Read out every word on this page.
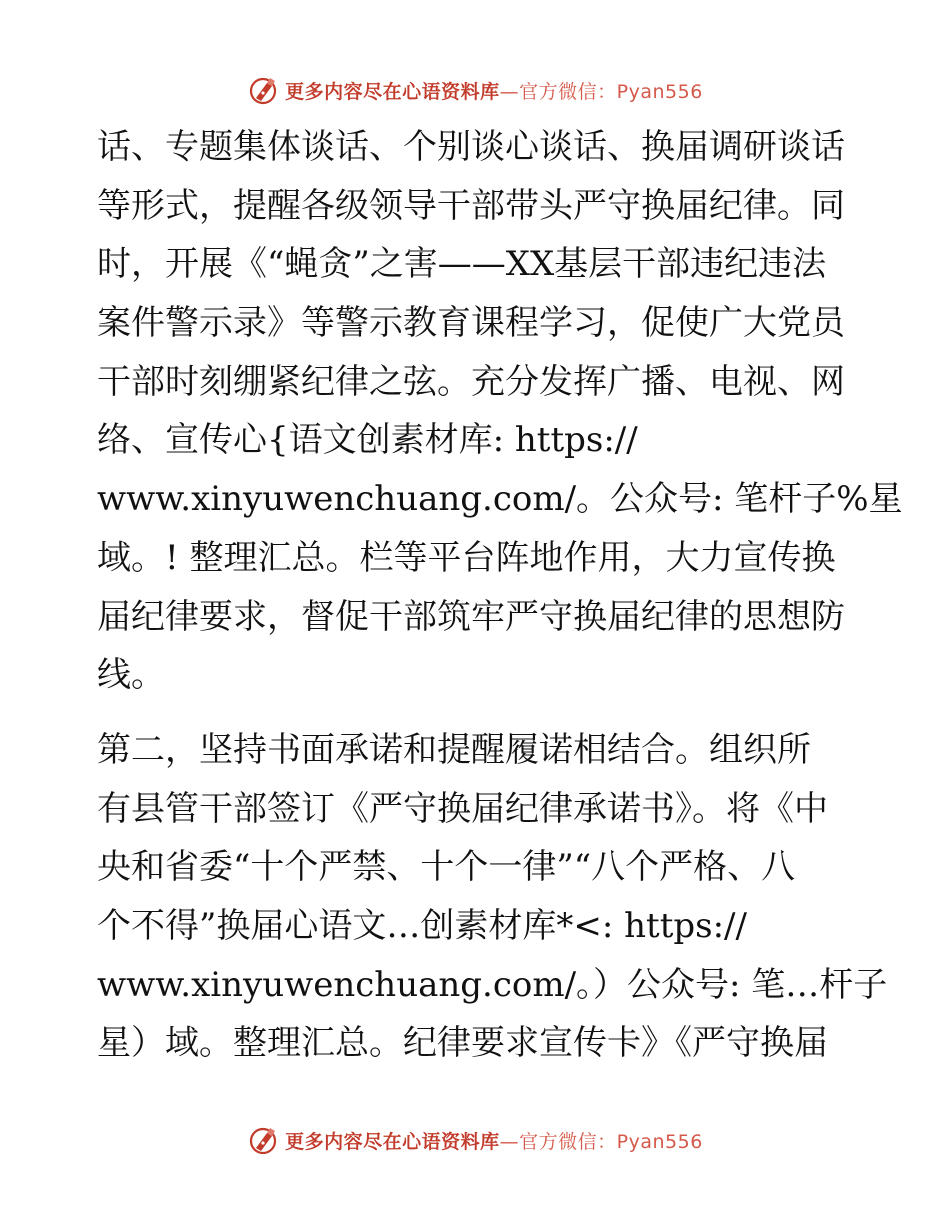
更多内容尽在心语资料库—官方微信：Pyan556
话、专题集体谈话、个别谈心谈话、换届调研谈话
等形式，提醒各级领导干部带头严守换届纪律。同
时，开展《“蝇贪”之害——XX基层干部违纪违法
案件警示录》等警示教育课程学习，促使广大党员
干部时刻绷紧纪律之弦。充分发挥广播、电视、网
络、宣传心{语文创素材库: https://
www.xinyuwenchuang.com/。公众号: 笔杆子%星
域。! 整理汇总。栏等平台阵地作用，大力宣传换
届纪律要求，督促干部筑牢严守换届纪律的思想防
线。
第二，坚持书面承诺和提醒履诺相结合。组织所
有县管干部签订《严守换届纪律承诺书》。将《中
央和省委“十个严禁、十个一律”“八个严格、八
个不得”换届心语文…创素材库*<: https://
www.xinyuwenchuang.com/。）公众号: 笔…杆子
星）域。整理汇总。纪律要求宣传卡》《严守换届
更多内容尽在心语资料库—官方微信：Pyan556
